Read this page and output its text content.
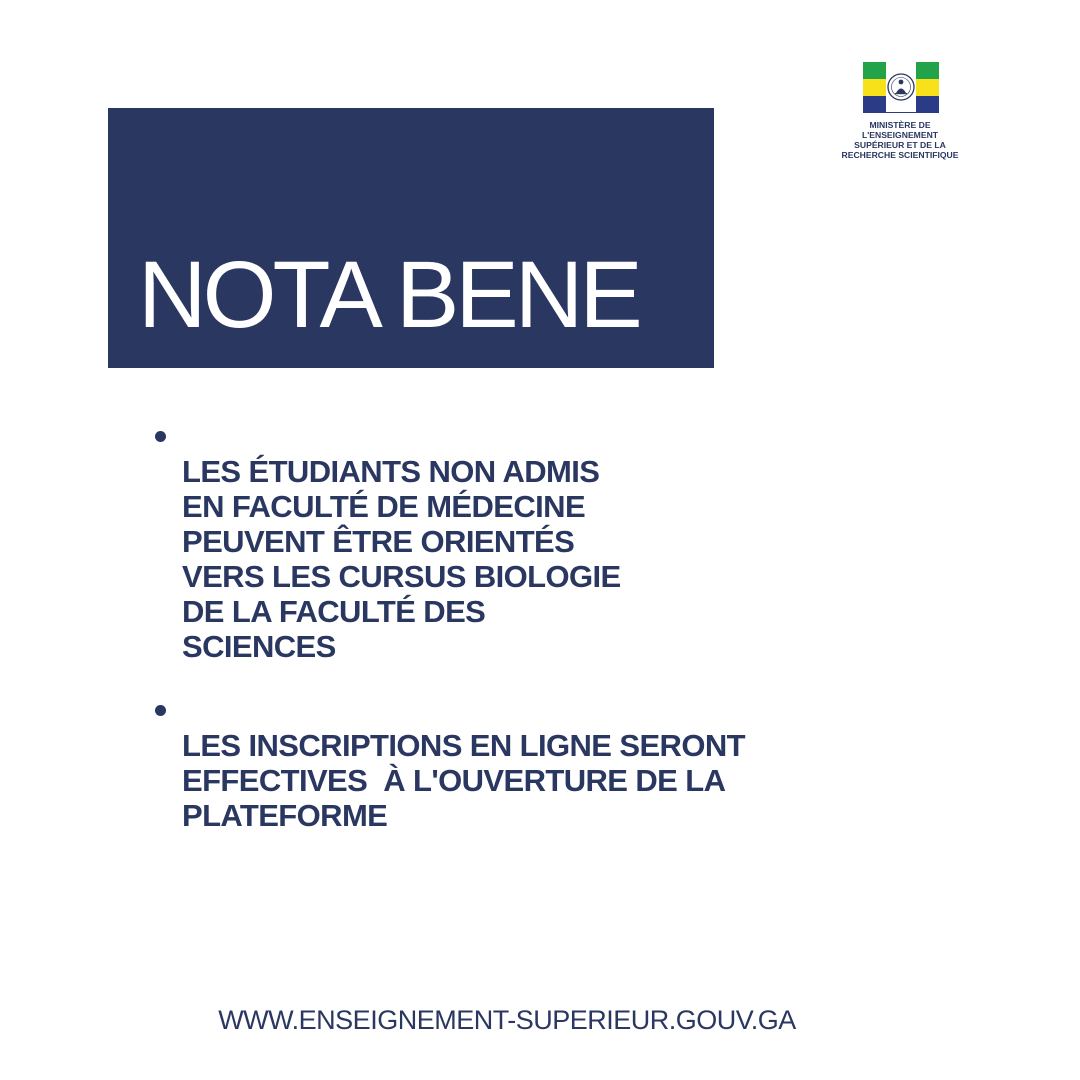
NOTA BENE
MINISTÈRE DE
L'ENSEIGNEMENT
SUPÉRIEUR ET DE LA
RECHERCHE SCIENTIFIQUE
LES ÉTUDIANTS NON ADMIS
EN FACULTÉ DE MÉDECINE
PEUVENT ÊTRE ORIENTÉS
VERS LES CURSUS BIOLOGIE
DE LA FACULTÉ DES
SCIENCES
LES INSCRIPTIONS EN LIGNE SERONT
EFFECTIVES  À L'OUVERTURE DE LA
PLATEFORME
WWW.ENSEIGNEMENT-SUPERIEUR.GOUV.GA
